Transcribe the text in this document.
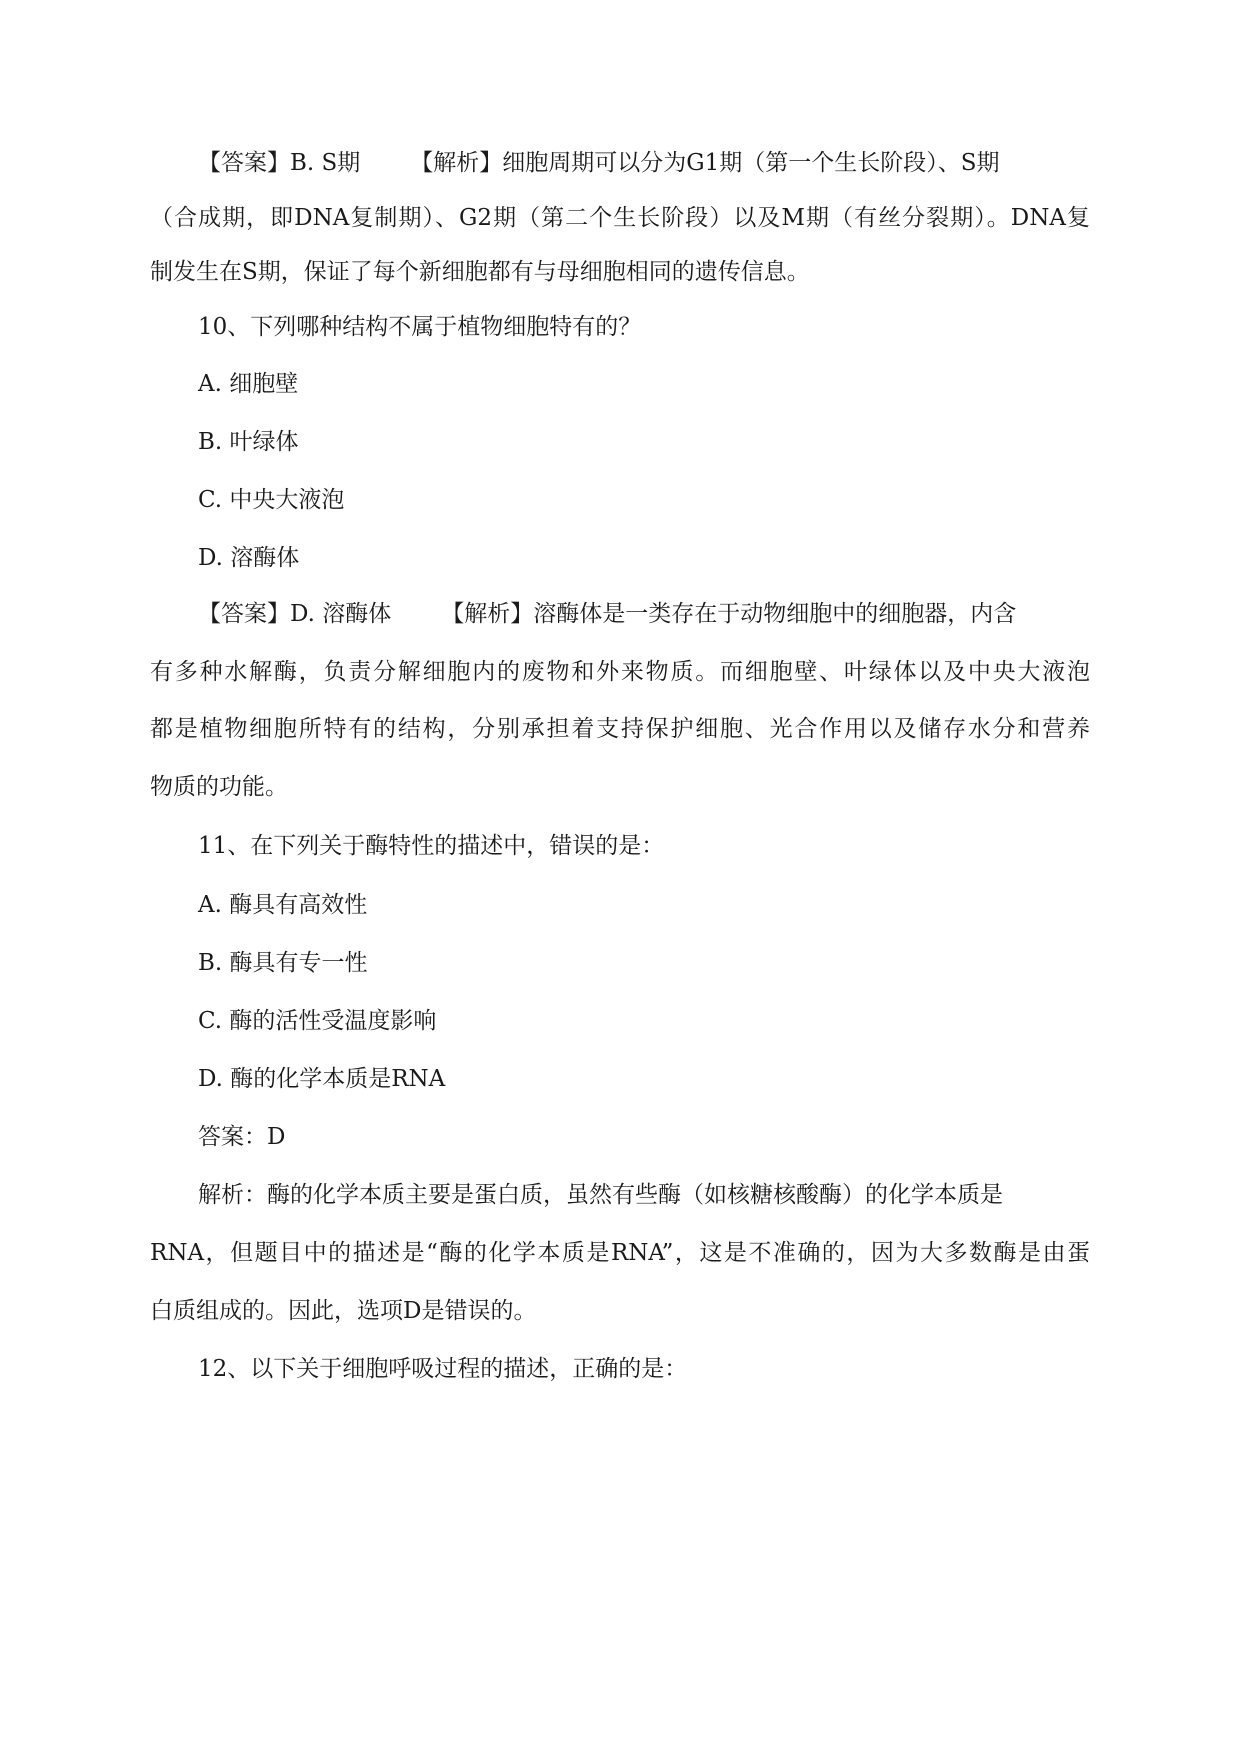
【答案】B. S期 【解析】细胞周期可以分为G1期（第一个生长阶段）、S期
（合成期，即DNA复制期）、G2期（第二个生长阶段）以及M期（有丝分裂期）。DNA复
制发生在S期，保证了每个新细胞都有与母细胞相同的遗传信息。
10、下列哪种结构不属于植物细胞特有的？
A. 细胞壁
B. 叶绿体
C. 中央大液泡
D. 溶酶体
【答案】D. 溶酶体 【解析】溶酶体是一类存在于动物细胞中的细胞器，内含
有多种水解酶，负责分解细胞内的废物和外来物质。而细胞壁、叶绿体以及中央大液泡
都是植物细胞所特有的结构，分别承担着支持保护细胞、光合作用以及储存水分和营养
物质的功能。
11、在下列关于酶特性的描述中，错误的是：
A. 酶具有高效性
B. 酶具有专一性
C. 酶的活性受温度影响
D. 酶的化学本质是RNA
答案：D
解析：酶的化学本质主要是蛋白质，虽然有些酶（如核糖核酸酶）的化学本质是
RNA，但题目中的描述是“酶的化学本质是RNA”，这是不准确的，因为大多数酶是由蛋
白质组成的。因此，选项D是错误的。
12、以下关于细胞呼吸过程的描述，正确的是：
